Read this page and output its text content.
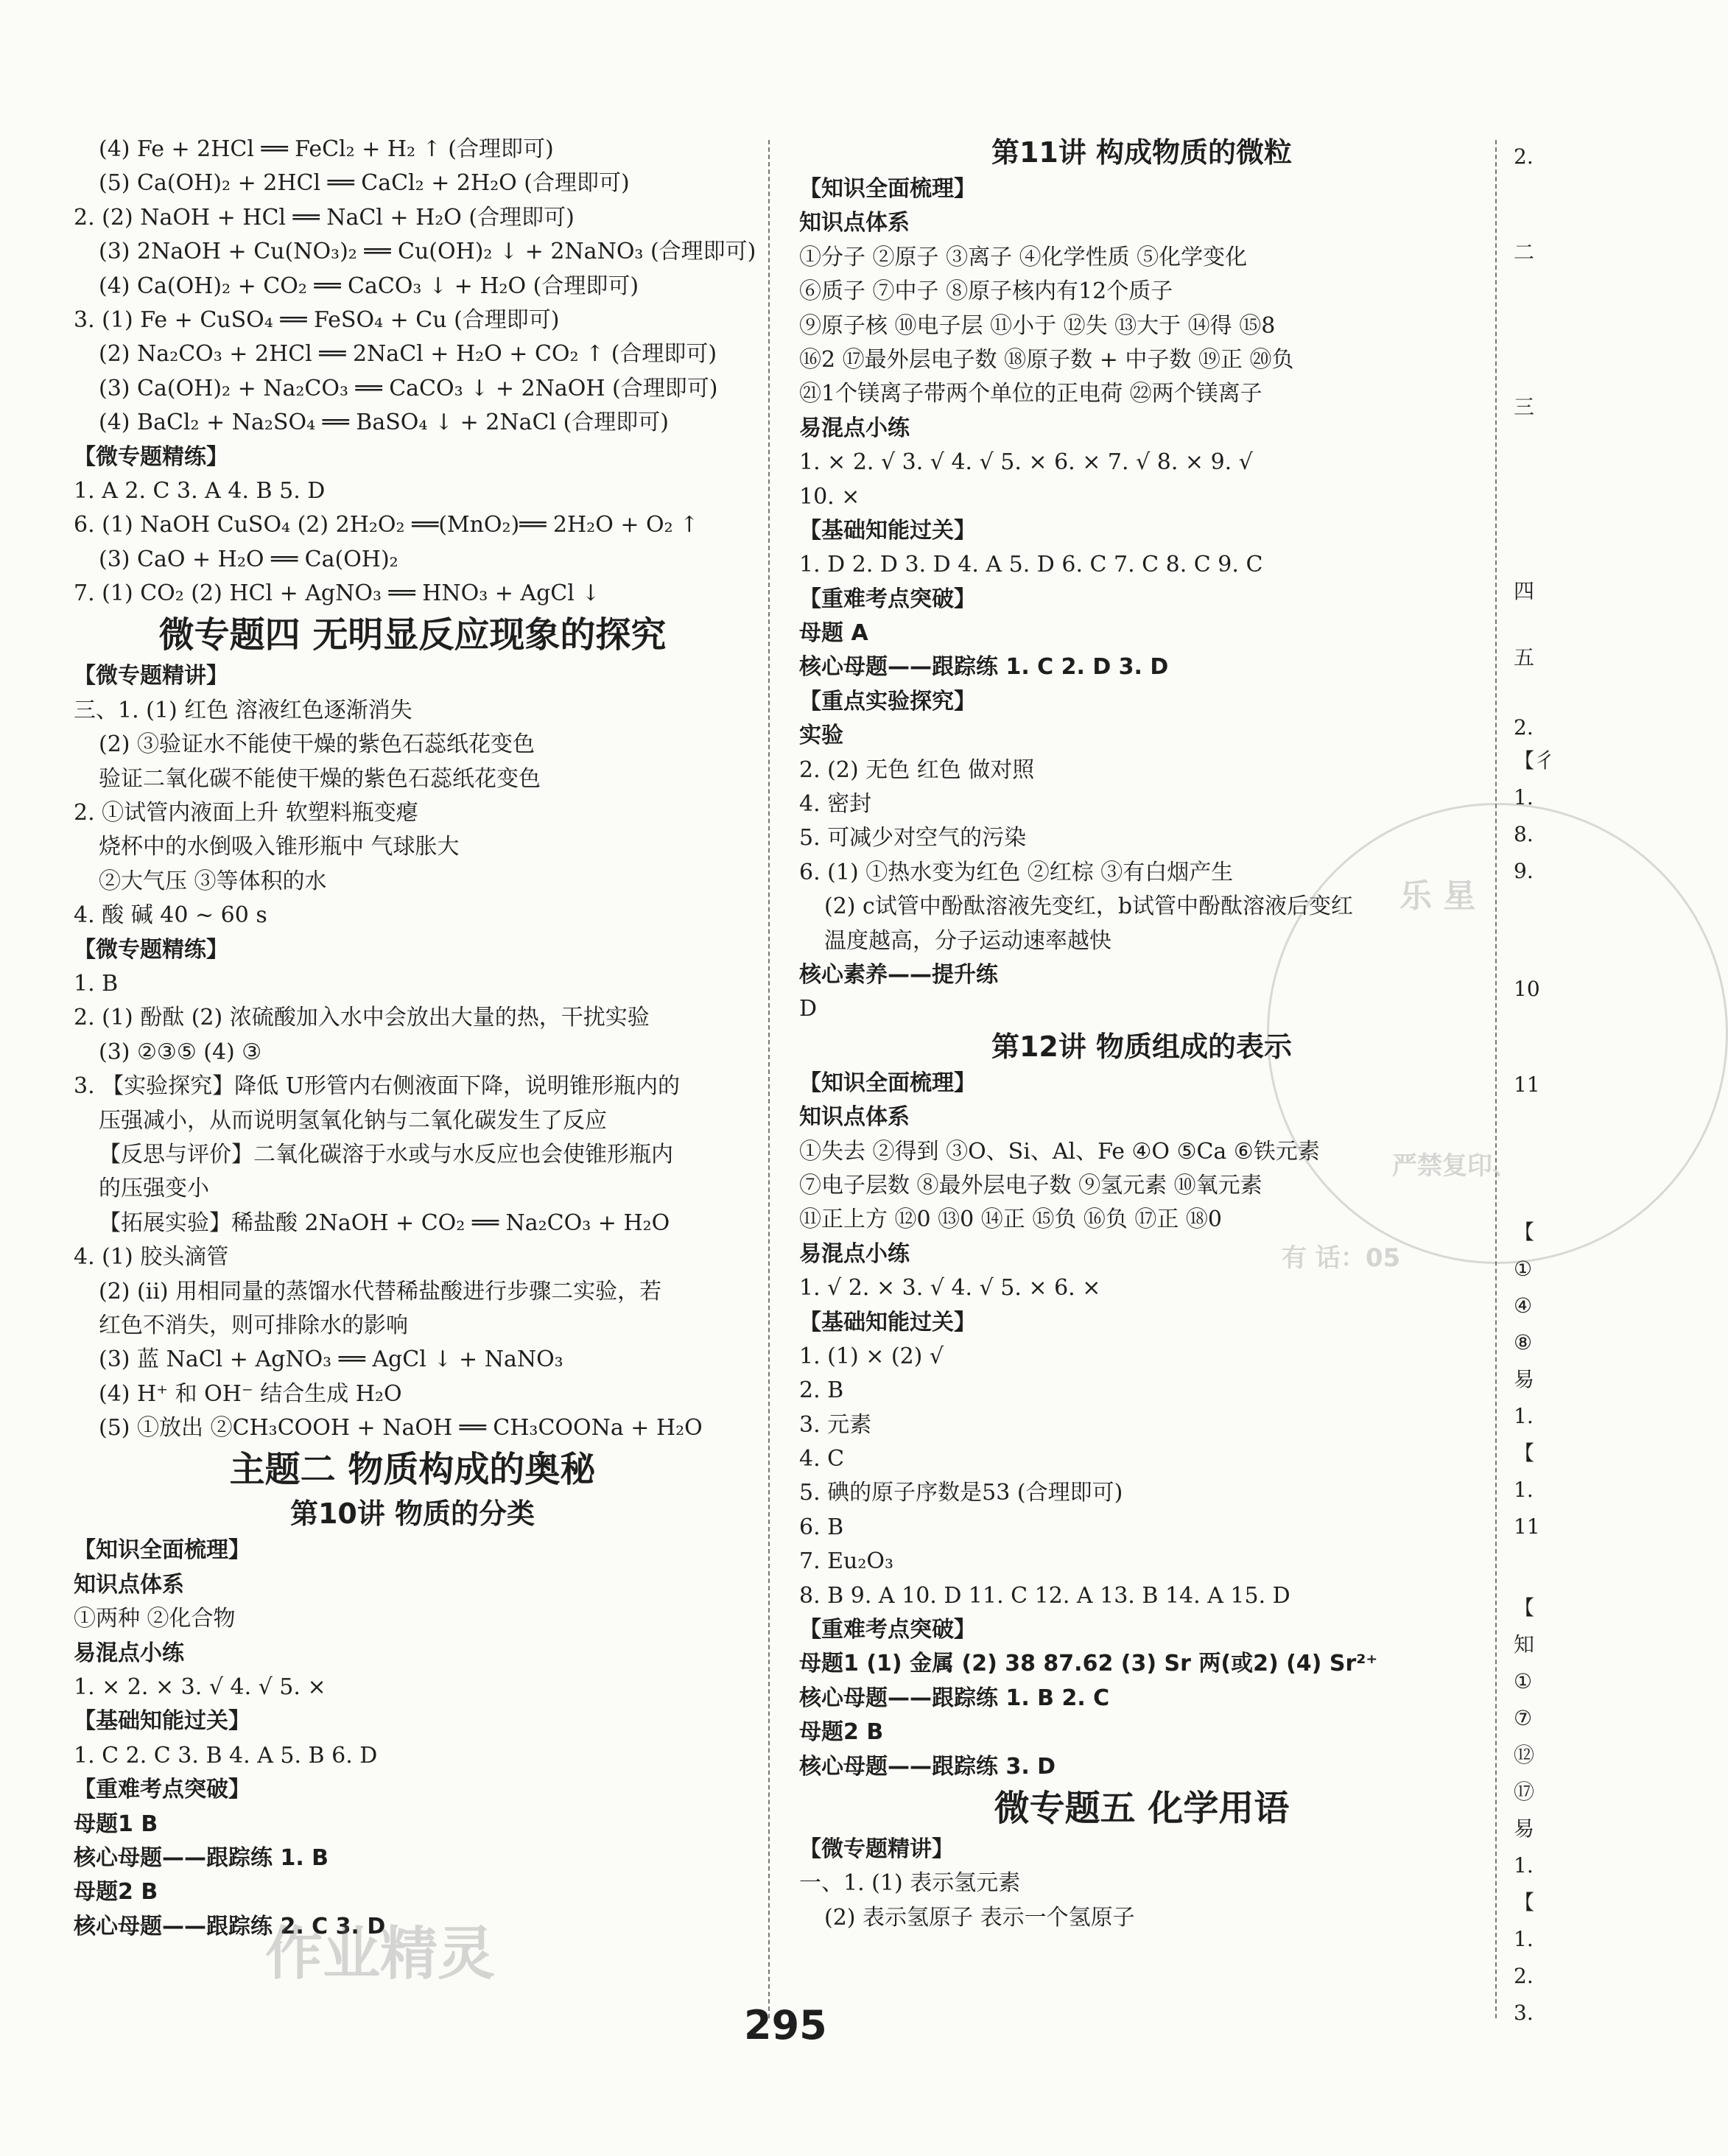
(4) Fe + 2HCl ══ FeCl₂ + H₂ ↑ (合理即可)
(5) Ca(OH)₂ + 2HCl ══ CaCl₂ + 2H₂O (合理即可)
2. (2) NaOH + HCl ══ NaCl + H₂O (合理即可)
(3) 2NaOH + Cu(NO₃)₂ ══ Cu(OH)₂ ↓ + 2NaNO₃ (合理即可)
(4) Ca(OH)₂ + CO₂ ══ CaCO₃ ↓ + H₂O (合理即可)
3. (1) Fe + CuSO₄ ══ FeSO₄ + Cu (合理即可)
(2) Na₂CO₃ + 2HCl ══ 2NaCl + H₂O + CO₂ ↑ (合理即可)
(3) Ca(OH)₂ + Na₂CO₃ ══ CaCO₃ ↓ + 2NaOH (合理即可)
(4) BaCl₂ + Na₂SO₄ ══ BaSO₄ ↓ + 2NaCl (合理即可)
【微专题精练】
1. A 2. C 3. A 4. B 5. D
6. (1) NaOH CuSO₄ (2) 2H₂O₂ ══(MnO₂)══ 2H₂O + O₂ ↑
(3) CaO + H₂O ══ Ca(OH)₂
7. (1) CO₂ (2) HCl + AgNO₃ ══ HNO₃ + AgCl ↓
微专题四 无明显反应现象的探究
【微专题精讲】
三、1. (1) 红色 溶液红色逐渐消失
(2) ③验证水不能使干燥的紫色石蕊纸花变色
验证二氧化碳不能使干燥的紫色石蕊纸花变色
2. ①试管内液面上升 软塑料瓶变瘪
烧杯中的水倒吸入锥形瓶中 气球胀大
②大气压 ③等体积的水
4. 酸 碱 40 ~ 60 s
【微专题精练】
1. B
2. (1) 酚酞 (2) 浓硫酸加入水中会放出大量的热，干扰实验
(3) ②③⑤ (4) ③
3. 【实验探究】降低 U形管内右侧液面下降，说明锥形瓶内的
压强减小，从而说明氢氧化钠与二氧化碳发生了反应
【反思与评价】二氧化碳溶于水或与水反应也会使锥形瓶内
的压强变小
【拓展实验】稀盐酸 2NaOH + CO₂ ══ Na₂CO₃ + H₂O
4. (1) 胶头滴管
(2) (ⅱ) 用相同量的蒸馏水代替稀盐酸进行步骤二实验，若
红色不消失，则可排除水的影响
(3) 蓝 NaCl + AgNO₃ ══ AgCl ↓ + NaNO₃
(4) H⁺ 和 OH⁻ 结合生成 H₂O
(5) ①放出 ②CH₃COOH + NaOH ══ CH₃COONa + H₂O
主题二 物质构成的奥秘
第10讲 物质的分类
【知识全面梳理】
知识点体系
①两种 ②化合物
易混点小练
1. × 2. × 3. √ 4. √ 5. ×
【基础知能过关】
1. C 2. C 3. B 4. A 5. B 6. D
【重难考点突破】
母题1 B
核心母题——跟踪练 1. B
母题2 B
核心母题——跟踪练 2. C 3. D
第11讲 构成物质的微粒
【知识全面梳理】
知识点体系
①分子 ②原子 ③离子 ④化学性质 ⑤化学变化
⑥质子 ⑦中子 ⑧原子核内有12个质子
⑨原子核 ⑩电子层 ⑪小于 ⑫失 ⑬大于 ⑭得 ⑮8
⑯2 ⑰最外层电子数 ⑱原子数 + 中子数 ⑲正 ⑳负
㉑1个镁离子带两个单位的正电荷 ㉒两个镁离子
易混点小练
1. × 2. √ 3. √ 4. √ 5. × 6. × 7. √ 8. × 9. √
10. ×
【基础知能过关】
1. D 2. D 3. D 4. A 5. D 6. C 7. C 8. C 9. C
【重难考点突破】
母题 A
核心母题——跟踪练 1. C 2. D 3. D
【重点实验探究】
实验
2. (2) 无色 红色 做对照
4. 密封
5. 可减少对空气的污染
6. (1) ①热水变为红色 ②红棕 ③有白烟产生
(2) c试管中酚酞溶液先变红，b试管中酚酞溶液后变红
温度越高，分子运动速率越快
核心素养——提升练
D
第12讲 物质组成的表示
【知识全面梳理】
知识点体系
①失去 ②得到 ③O、Si、Al、Fe ④O ⑤Ca ⑥铁元素
⑦电子层数 ⑧最外层电子数 ⑨氢元素 ⑩氧元素
⑪正上方 ⑫0 ⑬0 ⑭正 ⑮负 ⑯负 ⑰正 ⑱0
易混点小练
1. √ 2. × 3. √ 4. √ 5. × 6. ×
【基础知能过关】
1. (1) × (2) √
2. B
3. 元素
4. C
5. 碘的原子序数是53 (合理即可)
6. B
7. Eu₂O₃
8. B 9. A 10. D 11. C 12. A 13. B 14. A 15. D
【重难考点突破】
母题1 (1) 金属 (2) 38 87.62 (3) Sr 两(或2) (4) Sr²⁺
核心母题——跟踪练 1. B 2. C
母题2 B
核心母题——跟踪练 3. D
微专题五 化学用语
【微专题精讲】
一、1. (1) 表示氢元素
(2) 表示氢原子 表示一个氢原子
2.
二
三
四
五
2.
【彳
1.
8.
9.
10
11
【
①
④
⑧
易
1.
【
1.
11
【
知
①
⑦
⑫
⑰
易
1.
【
1.
2.
3.
乐 星
严禁复印、
有 话：05
作业精灵
295
